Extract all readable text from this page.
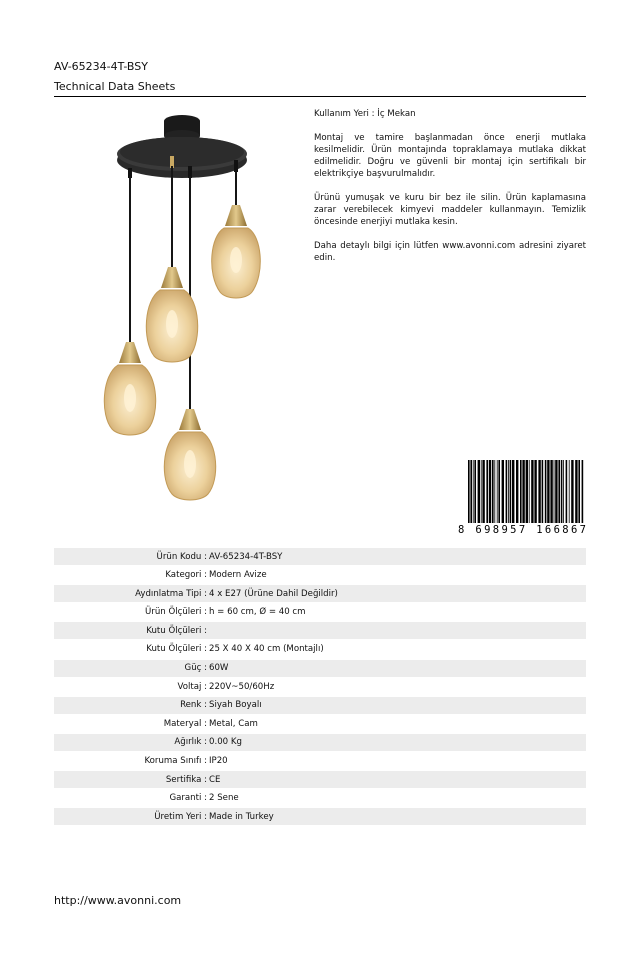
AV-65234-4T-BSY
Technical Data Sheets

Kullanım Yeri : İç Mekan

Montaj ve tamire başlanmadan önce enerji mutlaka kesilmelidir. Ürün montajında topraklamaya mutlaka dikkat edilmelidir. Doğru ve güvenli bir montaj için sertifikalı bir elektrikçiye başvurulmalıdır.

Ürünü yumuşak ve kuru bir bez ile silin. Ürün kaplamasına zarar verebilecek kimyevi maddeler kullanmayın. Temizlik öncesinde enerjiyi mutlaka kesin.

Daha detaylı bilgi için lütfen www.avonni.com adresini ziyaret edin.

8 698957 166867
Ürün Kodu : AV-65234-4T-BSY
Kategori : Modern Avize
Aydınlatma Tipi : 4 x E27 (Ürüne Dahil Değildir)
Ürün Ölçüleri : h = 60 cm, Ø = 40 cm
Kutu Ölçüleri :
Kutu Ölçüleri : 25 X 40 X 40 cm (Montajlı)
Güç : 60W
Voltaj : 220V~50/60Hz
Renk : Siyah Boyalı
Materyal : Metal, Cam
Ağırlık : 0.00 Kg
Koruma Sınıfı : IP20
Sertifika : CE
Garanti : 2 Sene
Üretim Yeri : Made in Turkey
http://www.avonni.com
